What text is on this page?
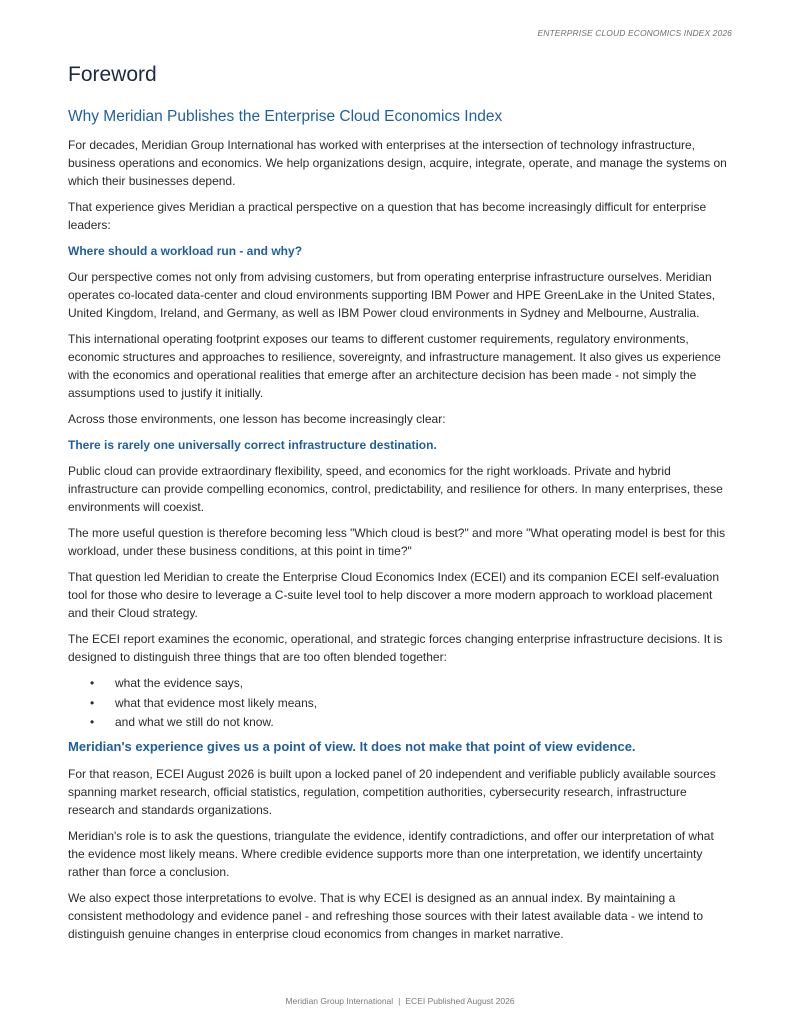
ENTERPRISE CLOUD ECONOMICS INDEX 2026
Foreword
Why Meridian Publishes the Enterprise Cloud Economics Index

For decades, Meridian Group International has worked with enterprises at the intersection of technology infrastructure, business operations and economics. We help organizations design, acquire, integrate, operate, and manage the systems on which their businesses depend.

That experience gives Meridian a practical perspective on a question that has become increasingly difficult for enterprise leaders:

Where should a workload run - and why?

Our perspective comes not only from advising customers, but from operating enterprise infrastructure ourselves. Meridian operates co-located data-center and cloud environments supporting IBM Power and HPE GreenLake in the United States, United Kingdom, Ireland, and Germany, as well as IBM Power cloud environments in Sydney and Melbourne, Australia.

This international operating footprint exposes our teams to different customer requirements, regulatory environments, economic structures and approaches to resilience, sovereignty, and infrastructure management. It also gives us experience with the economics and operational realities that emerge after an architecture decision has been made - not simply the assumptions used to justify it initially.

Across those environments, one lesson has become increasingly clear:

There is rarely one universally correct infrastructure destination.

Public cloud can provide extraordinary flexibility, speed, and economics for the right workloads. Private and hybrid infrastructure can provide compelling economics, control, predictability, and resilience for others. In many enterprises, these environments will coexist.

The more useful question is therefore becoming less "Which cloud is best?" and more "What operating model is best for this workload, under these business conditions, at this point in time?"

That question led Meridian to create the Enterprise Cloud Economics Index (ECEI) and its companion ECEI self-evaluation tool for those who desire to leverage a C-suite level tool to help discover a more modern approach to workload placement and their Cloud strategy.

The ECEI report examines the economic, operational, and strategic forces changing enterprise infrastructure decisions. It is designed to distinguish three things that are too often blended together:

• what the evidence says,
• what that evidence most likely means,
• and what we still do not know.
Meridian's experience gives us a point of view. It does not make that point of view evidence.

For that reason, ECEI August 2026 is built upon a locked panel of 20 independent and verifiable publicly available sources spanning market research, official statistics, regulation, competition authorities, cybersecurity research, infrastructure research and standards organizations.

Meridian's role is to ask the questions, triangulate the evidence, identify contradictions, and offer our interpretation of what the evidence most likely means. Where credible evidence supports more than one interpretation, we identify uncertainty rather than force a conclusion.

We also expect those interpretations to evolve. That is why ECEI is designed as an annual index. By maintaining a consistent methodology and evidence panel - and refreshing those sources with their latest available data - we intend to distinguish genuine changes in enterprise cloud economics from changes in market narrative.

Meridian Group International | ECEI Published August 2026
